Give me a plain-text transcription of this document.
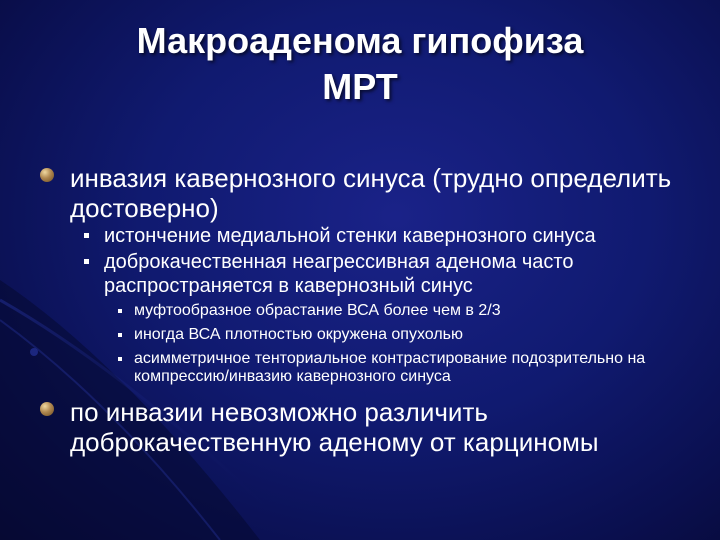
Макроаденома гипофиза
МРТ
инвазия кавернозного синуса (трудно определить достоверно)
истончение медиальной стенки кавернозного синуса
доброкачественная неагрессивная аденома часто распространяется в кавернозный синус
муфтообразное обрастание ВСА более чем в 2/3
иногда ВСА плотностью окружена опухолью
асимметричное тенториальное контрастирование подозрительно на компрессию/инвазию кавернозного синуса
по инвазии невозможно различить доброкачественную аденому от карциномы
